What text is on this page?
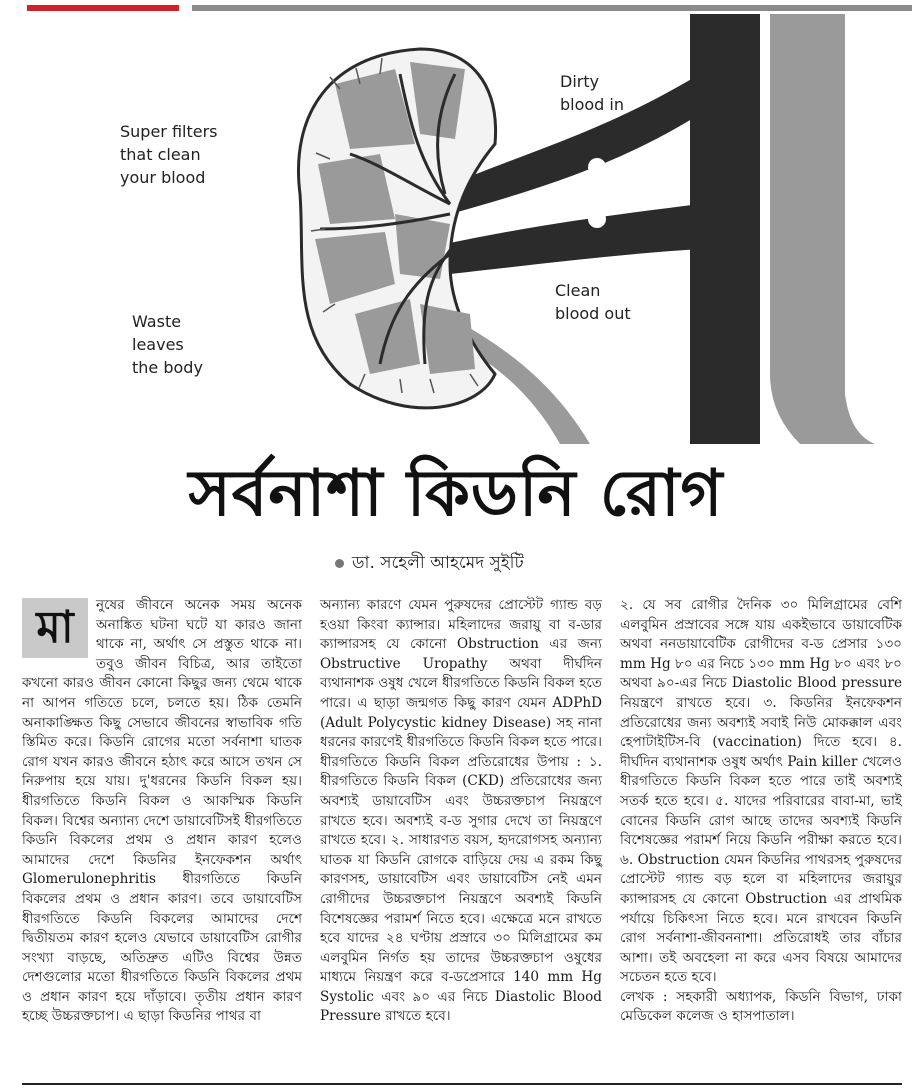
Super filters
that clean
your blood
Dirty
blood in
Clean
blood out
Waste
leaves
the body
সর্বনাশা কিডনি রোগ
ডা. সহেলী আহমেদ সুইটি
মা	নুষের জীবনে অনেক সময় অনেক অনাঙ্কিত ঘটনা ঘটে যা কারও জানা থাকে না, অর্থাৎ সে প্রস্তুত থাকে না। তবুও জীবন বিচিত্র, আর তাইতো কখনো কারও জীবন কোনো কিছুর জন্য থেমে থাকে না আপন গতিতে চলে, চলতে হয়। ঠিক তেমনি অনাকাঙ্ক্ষিত কিছু সেভাবে জীবনের স্বাভাবিক গতি স্তিমিত করে। কিডনি রোগের মতো সর্বনাশা ঘাতক রোগ যখন কারও জীবনে হঠাৎ করে আসে তখন সে নিরুপায় হয়ে যায়। দু'ধরনের কিডনি বিকল হয়। ধীরগতিতে কিডনি বিকল ও আকস্মিক কিডনি বিকল। বিশ্বের অন্যান্য দেশে ডায়াবেটিসই ধীরগতিতে কিডনি বিকলের প্রথম ও প্রধান কারণ হলেও আমাদের দেশে কিডনির ইনফেকশন অর্থাৎ Glomerulonephritis ধীরগতিতে কিডনি বিকলের প্রথম ও প্রধান কারণ। তবে ডায়াবেটিস ধীরগতিতে কিডনি বিকলের আমাদের দেশে দ্বিতীয়তম কারণ হলেও যেভাবে ডায়াবেটিস রোগীর সংখ্যা বাড়ছে, অতিদ্রুত এটিও বিশ্বের উন্নত দেশগুলোর মতো ধীরগতিতে কিডনি বিকলের প্রথম ও প্রধান কারণ হয়ে দাঁড়াবে। তৃতীয় প্রধান কারণ হচ্ছে উচ্চরক্তচাপ। এ ছাড়া কিডনির পাথর বা
অন্যান্য কারণে যেমন পুরুষদের প্রোস্টেট গ্যান্ড বড় হওয়া কিংবা ক্যান্সার। মহিলাদের জরায়ু বা ব-ডার ক্যান্সারসহ যে কোনো Obstruction এর জন্য Obstructive Uropathy অথবা দীর্ঘদিন ব্যথানাশক ওষুধ খেলে ধীরগতিতে কিডনি বিকল হতে পারে। এ ছাড়া জন্মগত কিছু কারণ যেমন ADPhD (Adult Polycystic kidney Disease) সহ নানা ধরনের কারণেই ধীরগতিতে কিডনি বিকল হতে পারে। ধীরগতিতে কিডনি বিকল প্রতিরোধের উপায় : ১. ধীরগতিতে কিডনি বিকল (CKD) প্রতিরোধের জন্য অবশ্যই ডায়াবেটিস এবং উচ্চরক্তচাপ নিয়ন্ত্রণে রাখতে হবে। অবশ্যই ব-ড সুগার দেখে তা নিয়ন্ত্রণে রাখতে হবে। ২. সাধারণত বয়স, হৃদরোগসহ অন্যান্য ঘাতক যা কিডনি রোগকে বাড়িয়ে দেয় এ রকম কিছু কারণসহ, ডায়াবেটিস এবং ডায়াবেটিস নেই এমন রোগীদের উচ্চরক্তচাপ নিয়ন্ত্রণে অবশ্যই কিডনি বিশেষজ্ঞের পরামর্শ নিতে হবে। এক্ষেত্রে মনে রাখতে হবে যাদের ২৪ ঘণ্টায় প্রস্রাবে ৩০ মিলিগ্রামের কম এলবুমিন নির্গত হয় তাদের উচ্চরক্তচাপ ওষুধের মাধ্যমে নিয়ন্ত্রণ করে ব-ডপ্রেসারে 140 mm Hg Systolic এবং ৯০ এর নিচে Diastolic Blood Pressure রাখতে হবে।
২. যে সব রোগীর দৈনিক ৩০ মিলিগ্রামের বেশি এলবুমিন প্রস্রাবের সঙ্গে যায় একইভাবে ডায়াবেটিক অথবা নন‌ডায়াবেটিক রোগীদের ব-ড প্রেসার ১৩০ mm Hg ৮০ এর নিচে ১৩০ mm Hg ৮০ এবং ৮০ অথবা ৯০-এর নিচে Diastolic Blood pressure নিয়ন্ত্রণে রাখতে হবে। ৩. কিডনির ইনফেকশন প্রতিরোধের জন্য অবশ্যই সবাই নিউ মোকক্কাল এবং হেপাটাইটিস-বি (vaccination) দিতে হবে। ৪. দীর্ঘদিন ব্যথানাশক ওষুধ অর্থাৎ Pain killer খেলেও ধীরগতিতে কিডনি বিকল হতে পারে তাই অবশ্যই সতর্ক হতে হবে। ৫. যাদের পরিবারের বাবা-মা, ভাই বোনের কিডনি রোগ আছে তাদের অবশ্যই কিডনি বিশেষজ্ঞের পরামর্শ নিয়ে কিডনি পরীক্ষা করতে হবে। ৬. Obstruction যেমন কিডনির পাথরসহ পুরুষদের প্রোস্টেট গ্যান্ড বড় হলে বা মহিলাদের জরায়ুর ক্যান্সারসহ যে কোনো Obstruction এর প্রাথমিক পর্যায়ে চিকিৎসা নিতে হবে। মনে রাখবেন কিডনি রোগ সর্বনাশা-জীবননাশা। প্রতিরোধই তার বাঁচার আশা। তই অবহেলা না করে এসব বিষয়ে আমাদের সচেতন হতে হবে।
লেখক : সহকারী অধ্যাপক, কিডনি বিভাগ, ঢাকা মেডিকেল কলেজ ও হাসপাতাল।
